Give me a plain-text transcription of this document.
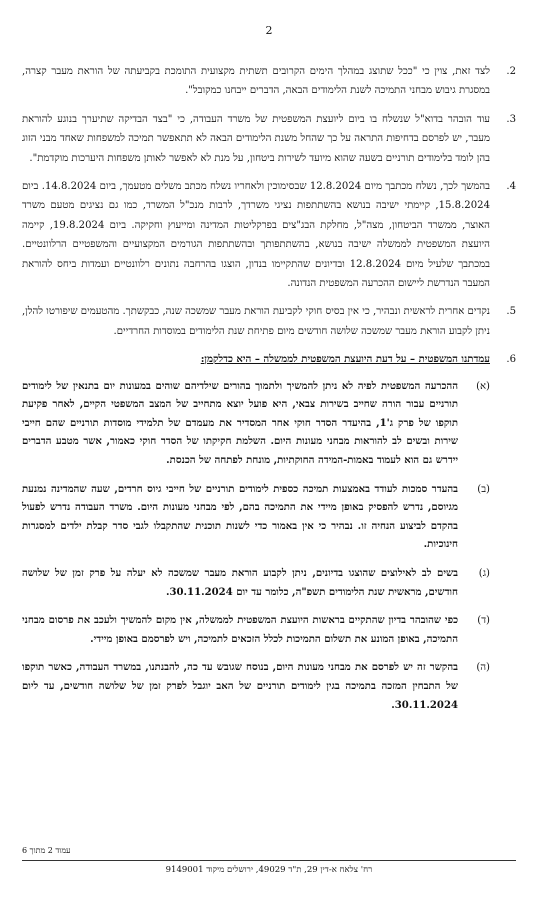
2
2.
לצד זאת, צוין כי "ככל שתוצג במהלך הימים הקרובים תשתית מקצועית התומכת בקביעתה של הוראת מעבר קצרה, במסגרת גיבוש מבחני התמיכה לשנת הלימודים הבאה, הדברים ייבחנו כמקובל".
3.
עוד הובהר בדוא"ל שנשלח בו ביום ליועצת המשפטית של משרד העבודה, כי "בצד הבדיקה שתיערך בנוגע להוראת מעבר, יש לפרסם בדחיפות התראה על כך שהחל משנת הלימודים הבאה לא תתאפשר תמיכה למשפחות שאחד מבני הזוג בהן לומד בלימודים תורניים בשעה שהוא מיועד לשירות ביטחון, על מנת לא לאפשר לאותן משפחות היערכות מוקדמת".
4.
בהמשך לכך, נשלח מכתבך מיום 12.8.2024 שבסימוכין ולאחריו נשלח מכתב משלים מטעמך, ביום 14.8.2024. ביום 15.8.2024, קיימתי ישיבה בנושא בהשתתפות נציגי משרדך, לרבות מנכ"ל המשרד, כמו גם נציגים מטעם משרד האוצר, ממשרד הביטחון, מצה"ל, מחלקת הבג"צים בפרקליטות המדינה ומייעוץ וחקיקה. ביום 19.8.2024, קיימה היועצת המשפטית לממשלה ישיבה בנושא, בהשתתפותך ובהשתתפות הגורמים המקצועיים והמשפטיים הרלוונטיים. במכתבך שלעיל מיום 12.8.2024 ובדיונים שהתקיימו בנדון, הוצגו בהרחבה נתונים רלוונטיים ועמדות ביחס להוראת המעבר הנדרשת ליישום ההכרעה המשפטית הנדונה.
5.
נקדים אחרית לראשית ונבהיר, כי אין בסיס חוקי לקביעת הוראת מעבר שמשכה שנה, כבקשתך. מהטעמים שיפורטו להלן, ניתן לקבוע הוראת מעבר שמשכה שלושה חודשים מיום פתיחת שנת הלימודים במוסדות החרדיים.
6.
עמדתנו המשפטית – על דעת היועצת המשפטית לממשלה – היא כדלקמן:
(א)
ההכרעה המשפטית לפיה לא ניתן להמשיך ולתמוך בהורים שילדיהם שוהים במעונות יום בתנאין של לימודים תורניים עבור הורה שחייב בשירות צבאי, היא פועל יוצא מתחייב של המצב המשפטי הקיים, לאחר פקיעת תוקפו של פרק ג'1, בהיעדר הסדר חוקי אחר המסדיר את מעמדם של תלמידי מוסדות תורניים שהם חייבי שירות ובשים לב להוראות מבחני מעונות היום. השלמת חקיקתו של הסדר חוקי כאמור, אשר מטבע הדברים יידרש גם הוא לעמוד באמות-המידה החוקתיות, מונחת לפתחה של הכנסת.
(ב)
בהעדר סמכות לעודד באמצעות תמיכה כספית לימודים תורניים של חייבי גיוס חרדים, שעה שהמדינה נמנעת מגיוסם, נדרש להפסיק באופן מיידי את התמיכה בהם, לפי מבחני מעונות היום. משרד העבודה נדרש לפעול בהקדם לביצוע הנחיה זו. נבהיר כי אין באמור כדי לשנות תוכנית שהתקבלו לגבי סדר קבלת ילדים למסגרות חינוכיות.
(ג)
בשים לב לאילוצים שהוצגו בדיונים, ניתן לקבוע הוראת מעבר שמשכה לא יעלה על פרק זמן של שלושה חודשים, מראשית שנת הלימודים תשפ"ה, כלומר עד יום 30.11.2024.
(ד)
כפי שהובהר בדיון שהתקיים בראשות היועצת המשפטית לממשלה, אין מקום להמשיך ולעכב את פרסום מבחני התמיכה, באופן המונע את תשלום התמיכות לכלל הזכאים לתמיכה, ויש לפרסמם באופן מיידי.
(ה)
בהקשר זה יש לפרסם את מבחני מעונות היום, בנוסח שגובש עד כה, להבנתנו, במשרד העבודה, כאשר תוקפו של התבחין המזכה בתמיכה בגין לימודים תורניים של האב יוגבל לפרק זמן של שלושה חודשים, עד ליום 30.11.2024.
עמוד 2 מתוך 6
רח' צלאח א-דין 29, ת"ד 49029, ירושלים מיקוד 9149001
